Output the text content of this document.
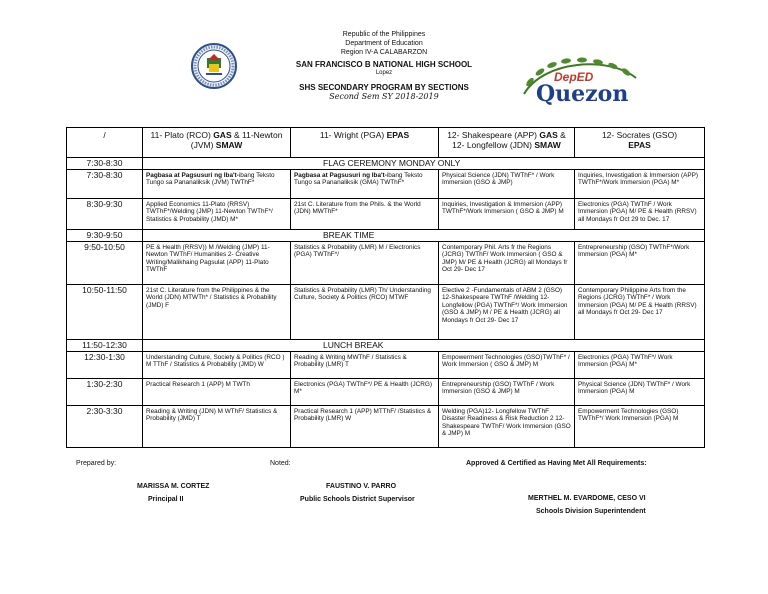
Republic of the Philippines
Department of Education
Region IV-A CALABARZON
SAN FRANCISCO B NATIONAL HIGH SCHOOL
Lopez
SHS SECONDARY PROGRAM BY SECTIONS
Second Sem SY 2018-2019
DepED
Quezon
/	11- Plato (RCO) GAS & 11-Newton (JVM) SMAW	11- Wright (PGA) EPAS	12- Shakespeare (APP) GAS & 12- Longfellow (JDN) SMAW	12- Socrates (GSO)
EPAS
7:30-8:30	FLAG CEREMONY MONDAY ONLY			
7:30-8:30	Pagbasa at Pagsusuri ng Iba't-ibang Teksto Tungo sa Pananaliksik (JVM) TWThF*	Pagbasa at Pagsusuri ng Iba't-ibang Teksto Tungo sa Pananaliksik (GMA) TWThF*	Physical Science (JDN) TWThF* / Work Immersion (GSO & JMP)	Inquiries, Investigation & Immersion (APP) TWThF*/Work Immersion (PGA) M*
8:30-9:30	Applied Economics 11-Plato (RRSV) TWThF*/Welding (JMP) 11-Newton TWThF*/ Statistics & Probability (JMD) M*	21st C. Literature from the Phils. & the World (JDN) MWThF*	Inquiries, Investigation & Immersion (APP) TWThF*/Work Immersion ( GSO & JMP) M	Electronics (PGA) TWThF / Work Immersion (PGA) M/ PE & Health (RRSV) all Mondays fr Oct 29 to Dec. 17
9:30-9:50	BREAK TIME			
9:50-10:50	PE & Health (RRSV)) M /Welding (JMP) 11-Newton TWThF/ Humanities 2- Creative Writing/Malikhaing Pagsulat (APP) 11-Plato TWThF	Statistics & Probability (LMR) M / Electronics (PGA) TWThF*/	Contemporary Phil. Arts fr the Regions (JCRG) TWThF/ Work Immersion ( GSO & JMP) M/ PE & Health (JCRG) all Mondays fr Oct 29- Dec 17	Entrepreneurship (GSO) TWThF*/Work Immersion (PGA) M*
10:50-11:50	21st C. Literature from the Philippines & the World (JDN) MTWTh* / Statistics & Probability (JMD) F	Statistics & Probability (LMR) Th/ Understanding Culture, Society & Politics (RCO) MTWF	Elective 2 -Fundamentals of ABM 2 (GSO) 12-Shakespeare TWThF /Welding 12-Longfellow (PGA) TWThF*/ Work Immersion (GSO & JMP) M / PE & Health (JCRG) all Mondays fr Oct 29- Dec 17	Contemporary Philippine Arts from the Regions (JCRG) TWThF* / Work Immersion (PGA) M/ PE & Health (RRSV) all Mondays fr Oct 29- Dec 17
11:50-12:30	LUNCH BREAK			
12:30-1:30	Understanding Culture, Society & Politics (RCO ) M TThF / Statistics & Probability (JMD) W	Reading & Writing MWThF / Statistics & Probability (LMR) T	Empowerment Technologies (GSO)TWThF* / Work Immersion ( GSO & JMP) M	Electronics (PGA) TWThF*/ Work Immersion (PGA) M*
1:30-2:30	Practical Research 1 (APP) M TWTh	Electronics (PGA) TWThF*/ PE & Health (JCRG) M*	Entrepreneurship (GSO) TWThF / Work Immersion (GSO & JMP) M	Physical Science (JDN) TWThF* / Work Immersion (PGA) M
2:30-3:30	Reading & Writing (JDN) M WThF/ Statistics & Probability (JMD) T	Practical Research 1 (APP) MTThF/ /Statistics & Probability (LMR) W	Welding (PGA)12- Longfellow TWThF Disaster Readiness & Risk Reduction 2 12-Shakespeare TWThF/ Work Immersion (GSO & JMP) M	Empowerment Technologies (GSO) TWThF*/ Work Immersion (PGA) M
Prepared by:	Noted:	Approved & Certified as Having Met All Requirements:
MARISSA M. CORTEZ
Principal II
FAUSTINO V. PARRO
Public Schools District Supervisor	MERTHEL M. EVARDOME, CESO VI
Schools Division Superintendent
